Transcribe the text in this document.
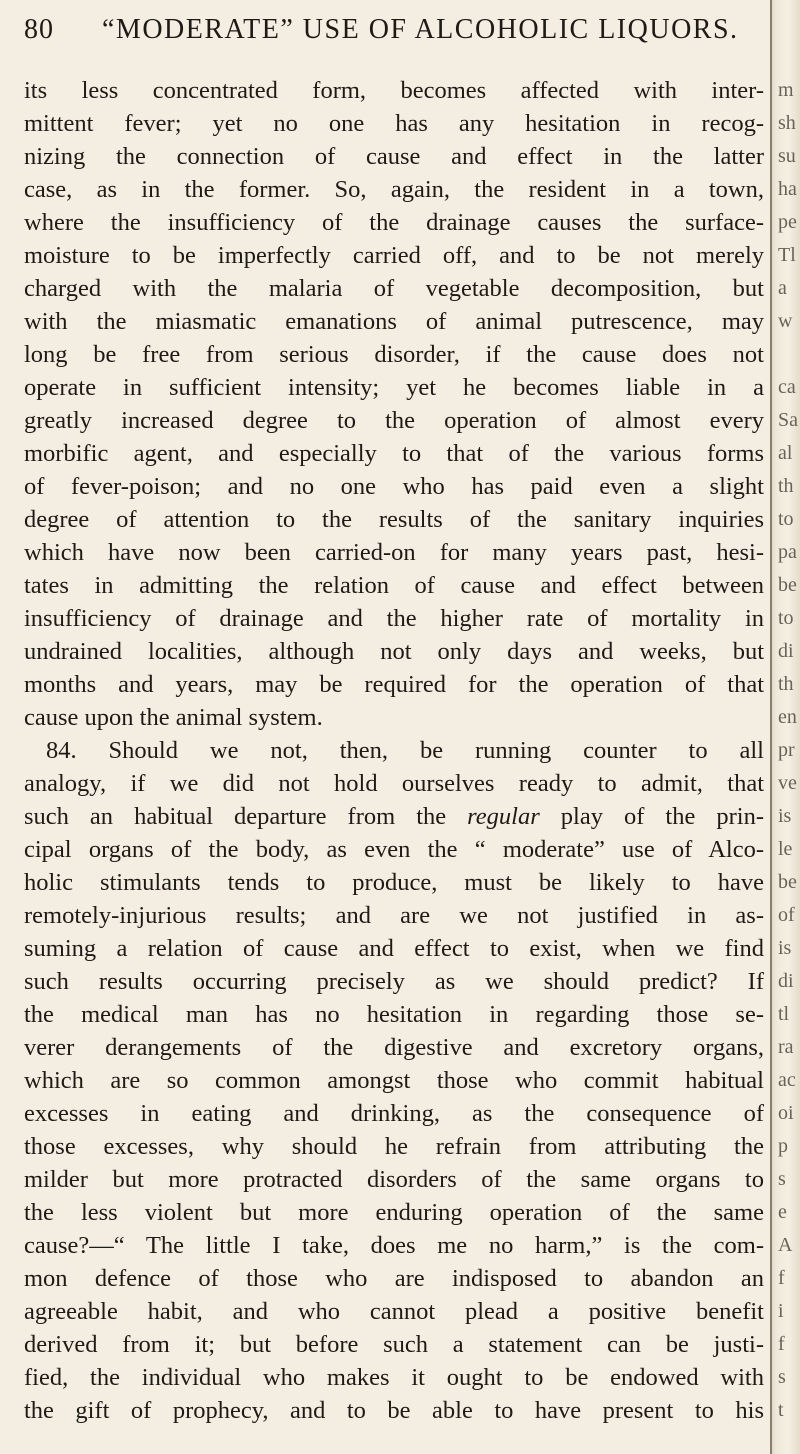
80 “MODERATE” USE OF ALCOHOLIC LIQUORS.
its less concentrated form, becomes affected with inter-
mittent fever; yet no one has any hesitation in recog-
nizing the connection of cause and effect in the latter
case, as in the former. So, again, the resident in a town,
where the insufficiency of the drainage causes the surface-
moisture to be imperfectly carried off, and to be not merely
charged with the malaria of vegetable decomposition, but
with the miasmatic emanations of animal putrescence, may
long be free from serious disorder, if the cause does not
operate in sufficient intensity; yet he becomes liable in a
greatly increased degree to the operation of almost every
morbific agent, and especially to that of the various forms
of fever-poison; and no one who has paid even a slight
degree of attention to the results of the sanitary inquiries
which have now been carried-on for many years past, hesi-
tates in admitting the relation of cause and effect between
insufficiency of drainage and the higher rate of mortality in
undrained localities, although not only days and weeks, but
months and years, may be required for the operation of that
cause upon the animal system.
84. Should we not, then, be running counter to all
analogy, if we did not hold ourselves ready to admit, that
such an habitual departure from the regular play of the prin-
cipal organs of the body, as even the “ moderate” use of Alco-
holic stimulants tends to produce, must be likely to have
remotely-injurious results; and are we not justified in as-
suming a relation of cause and effect to exist, when we find
such results occurring precisely as we should predict? If
the medical man has no hesitation in regarding those se-
verer derangements of the digestive and excretory organs,
which are so common amongst those who commit habitual
excesses in eating and drinking, as the consequence of
those excesses, why should he refrain from attributing the
milder but more protracted disorders of the same organs to
the less violent but more enduring operation of the same
cause?—“ The little I take, does me no harm,” is the com-
mon defence of those who are indisposed to abandon an
agreeable habit, and who cannot plead a positive benefit
derived from it; but before such a statement can be justi-
fied, the individual who makes it ought to be endowed with
the gift of prophecy, and to be able to have present to his
m
sh
su
ha
pe
Tl
a
w
ca
Sa
al
th
to
pa
be
to
di
th
en
pr
ve
is
le
be
of
is
di
tl
ra
ac
oi
p
s
e
A
f
i
f
s
t
